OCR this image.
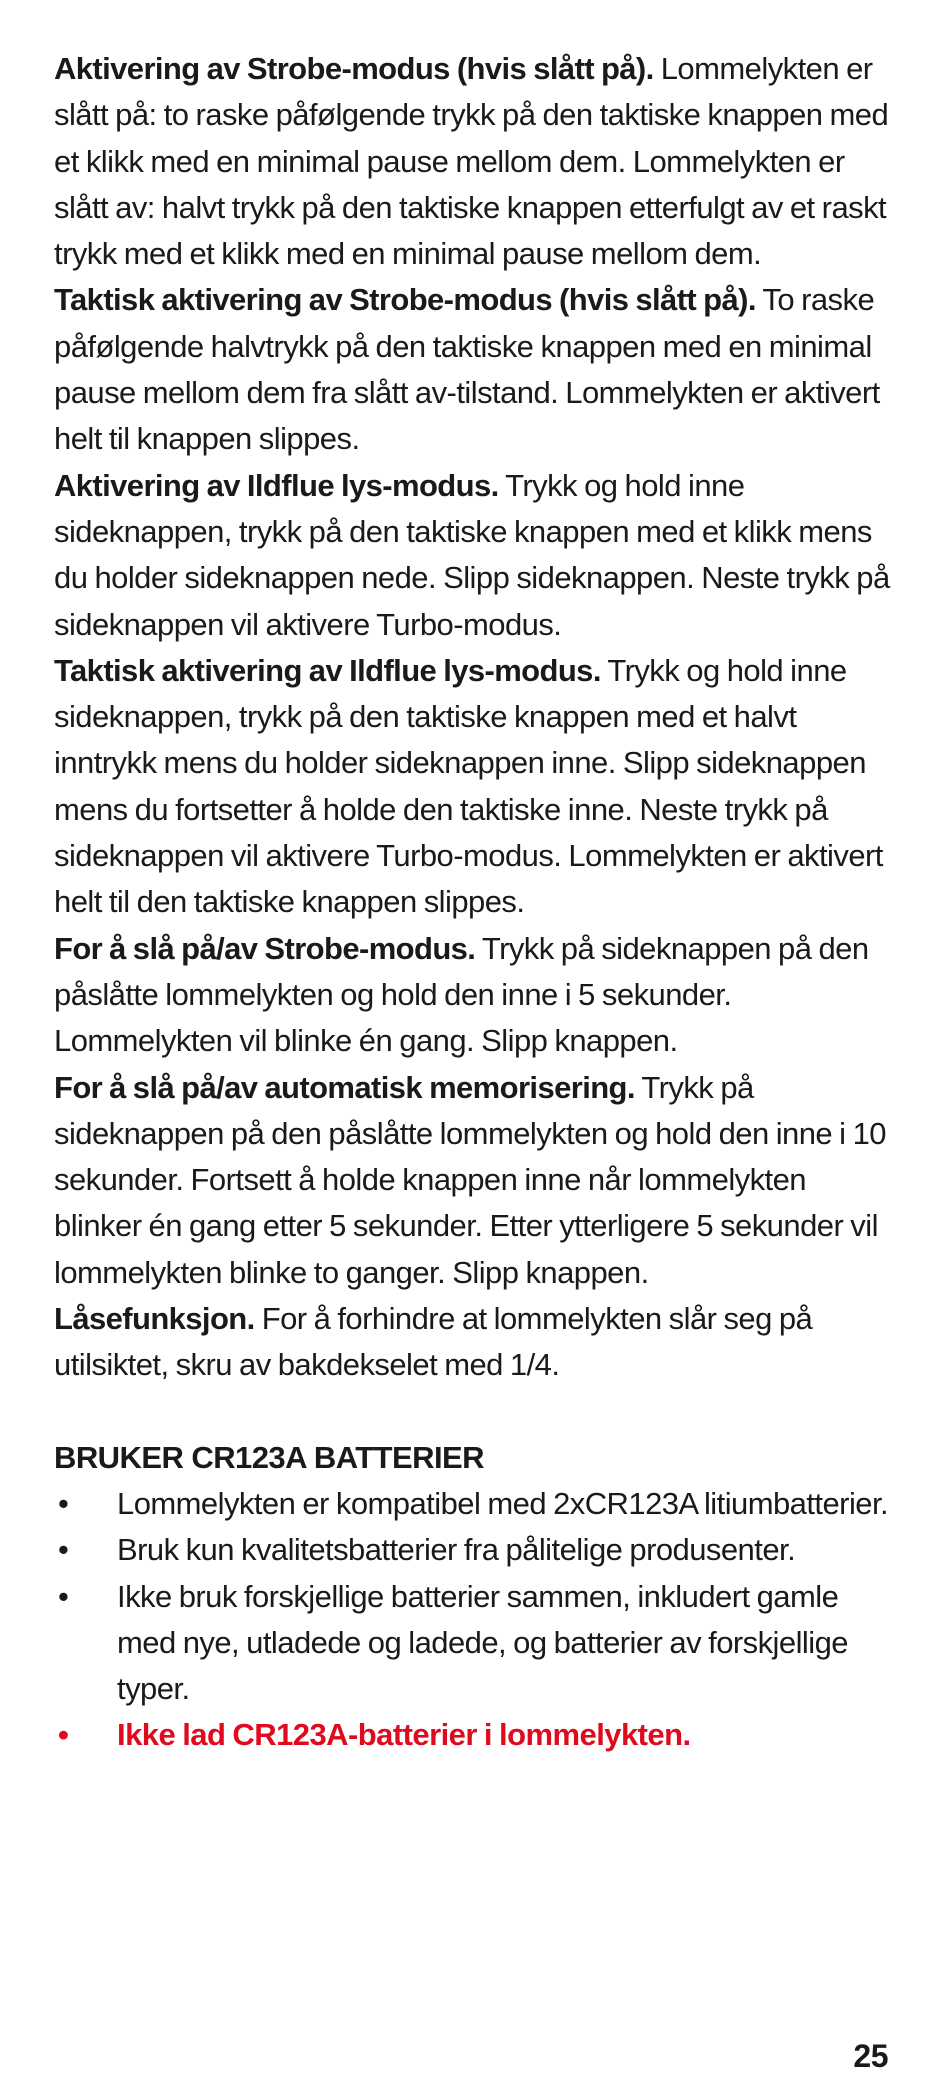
Aktivering av Strobe-modus (hvis slått på). Lommelykten er slått på: to raske påfølgende trykk på den taktiske knappen med et klikk med en minimal pause mellom dem. Lommelykten er slått av: halvt trykk på den taktiske knappen etterfulgt av et raskt trykk med et klikk med en minimal pause mellom dem.

Taktisk aktivering av Strobe-modus (hvis slått på). To raske påfølgende halvtrykk på den taktiske knappen med en minimal pause mellom dem fra slått av-tilstand. Lommelykten er aktivert helt til knappen slippes.

Aktivering av Ildflue lys-modus. Trykk og hold inne sideknappen, trykk på den taktiske knappen med et klikk mens du holder sideknappen nede. Slipp sideknappen. Neste trykk på sideknappen vil aktivere Turbo-modus.

Taktisk aktivering av Ildflue lys-modus. Trykk og hold inne sideknappen, trykk på den taktiske knappen med et halvt inntrykk mens du holder sideknappen inne. Slipp sideknappen mens du fortsetter å holde den taktiske inne. Neste trykk på sideknappen vil aktivere Turbo-modus. Lommelykten er aktivert helt til den taktiske knappen slippes.

For å slå på/av Strobe-modus. Trykk på sideknappen på den påslåtte lommelykten og hold den inne i 5 sekunder. Lommelykten vil blinke én gang. Slipp knappen.

For å slå på/av automatisk memorisering. Trykk på sideknappen på den påslåtte lommelykten og hold den inne i 10 sekunder. Fortsett å holde knappen inne når lommelykten blinker én gang etter 5 sekunder. Etter ytterligere 5 sekunder vil lommelykten blinke to ganger. Slipp knappen.

Låsefunksjon. For å forhindre at lommelykten slår seg på utilsiktet, skru av bakdekselet med 1/4.

BRUKER CR123A BATTERIER
• Lommelykten er kompatibel med 2xCR123A litiumbatterier.
• Bruk kun kvalitetsbatterier fra pålitelige produsenter.
• Ikke bruk forskjellige batterier sammen, inkludert gamle med nye, utladede og ladede, og batterier av forskjellige typer.
• Ikke lad CR123A-batterier i lommelykten.
25
